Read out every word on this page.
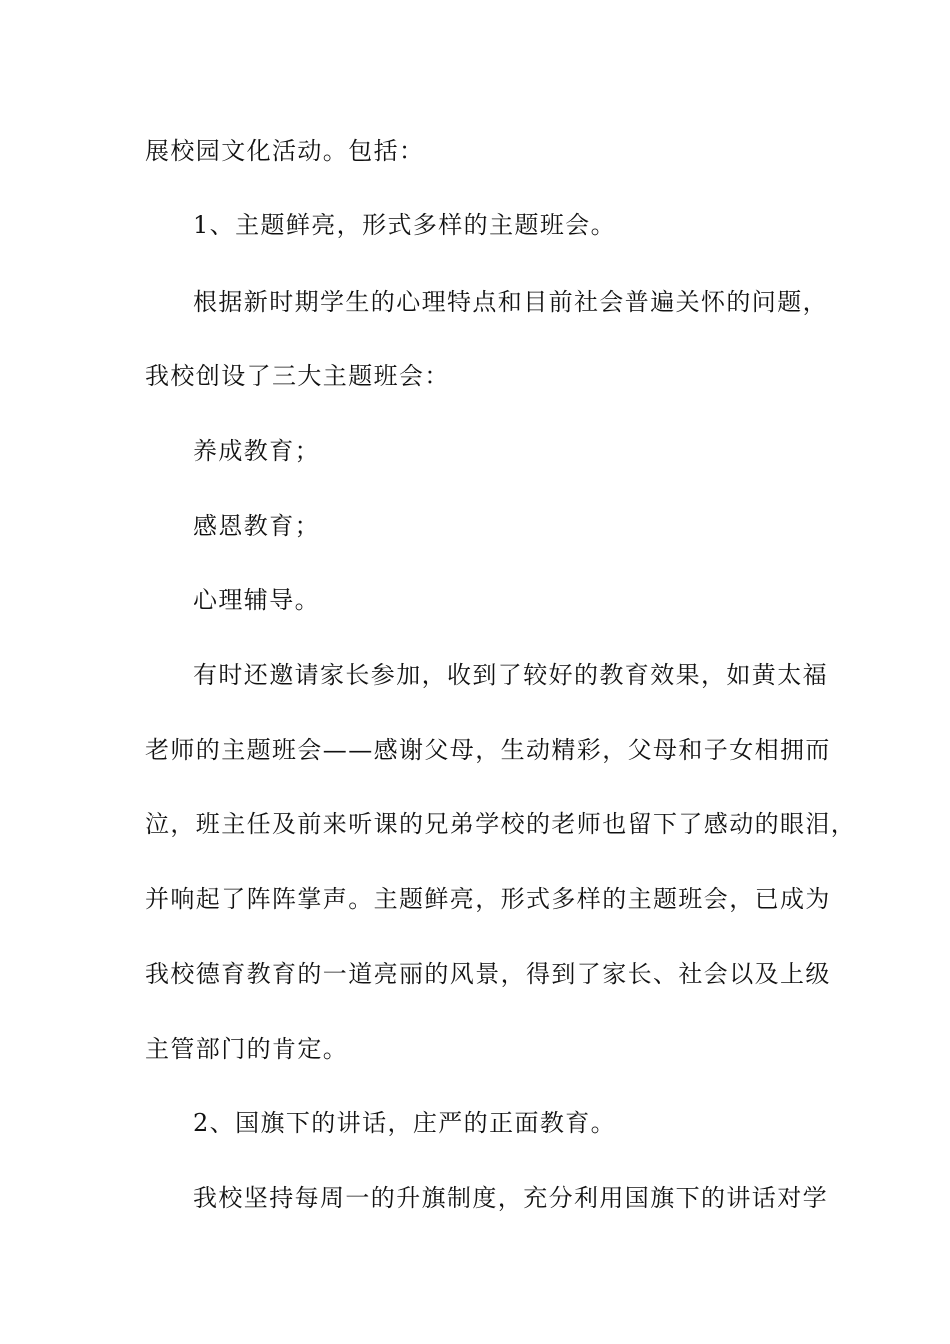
展校园文化活动。包括：
1、主题鲜亮，形式多样的主题班会。
根据新时期学生的心理特点和目前社会普遍关怀的问题，
我校创设了三大主题班会：
养成教育；
感恩教育；
心理辅导。
有时还邀请家长参加，收到了较好的教育效果，如黄太福
老师的主题班会——感谢父母，生动精彩，父母和子女相拥而
泣，班主任及前来听课的兄弟学校的老师也留下了感动的眼泪，
并响起了阵阵掌声。主题鲜亮，形式多样的主题班会，已成为
我校德育教育的一道亮丽的风景，得到了家长、社会以及上级
主管部门的肯定。
2、国旗下的讲话，庄严的正面教育。
我校坚持每周一的升旗制度，充分利用国旗下的讲话对学
